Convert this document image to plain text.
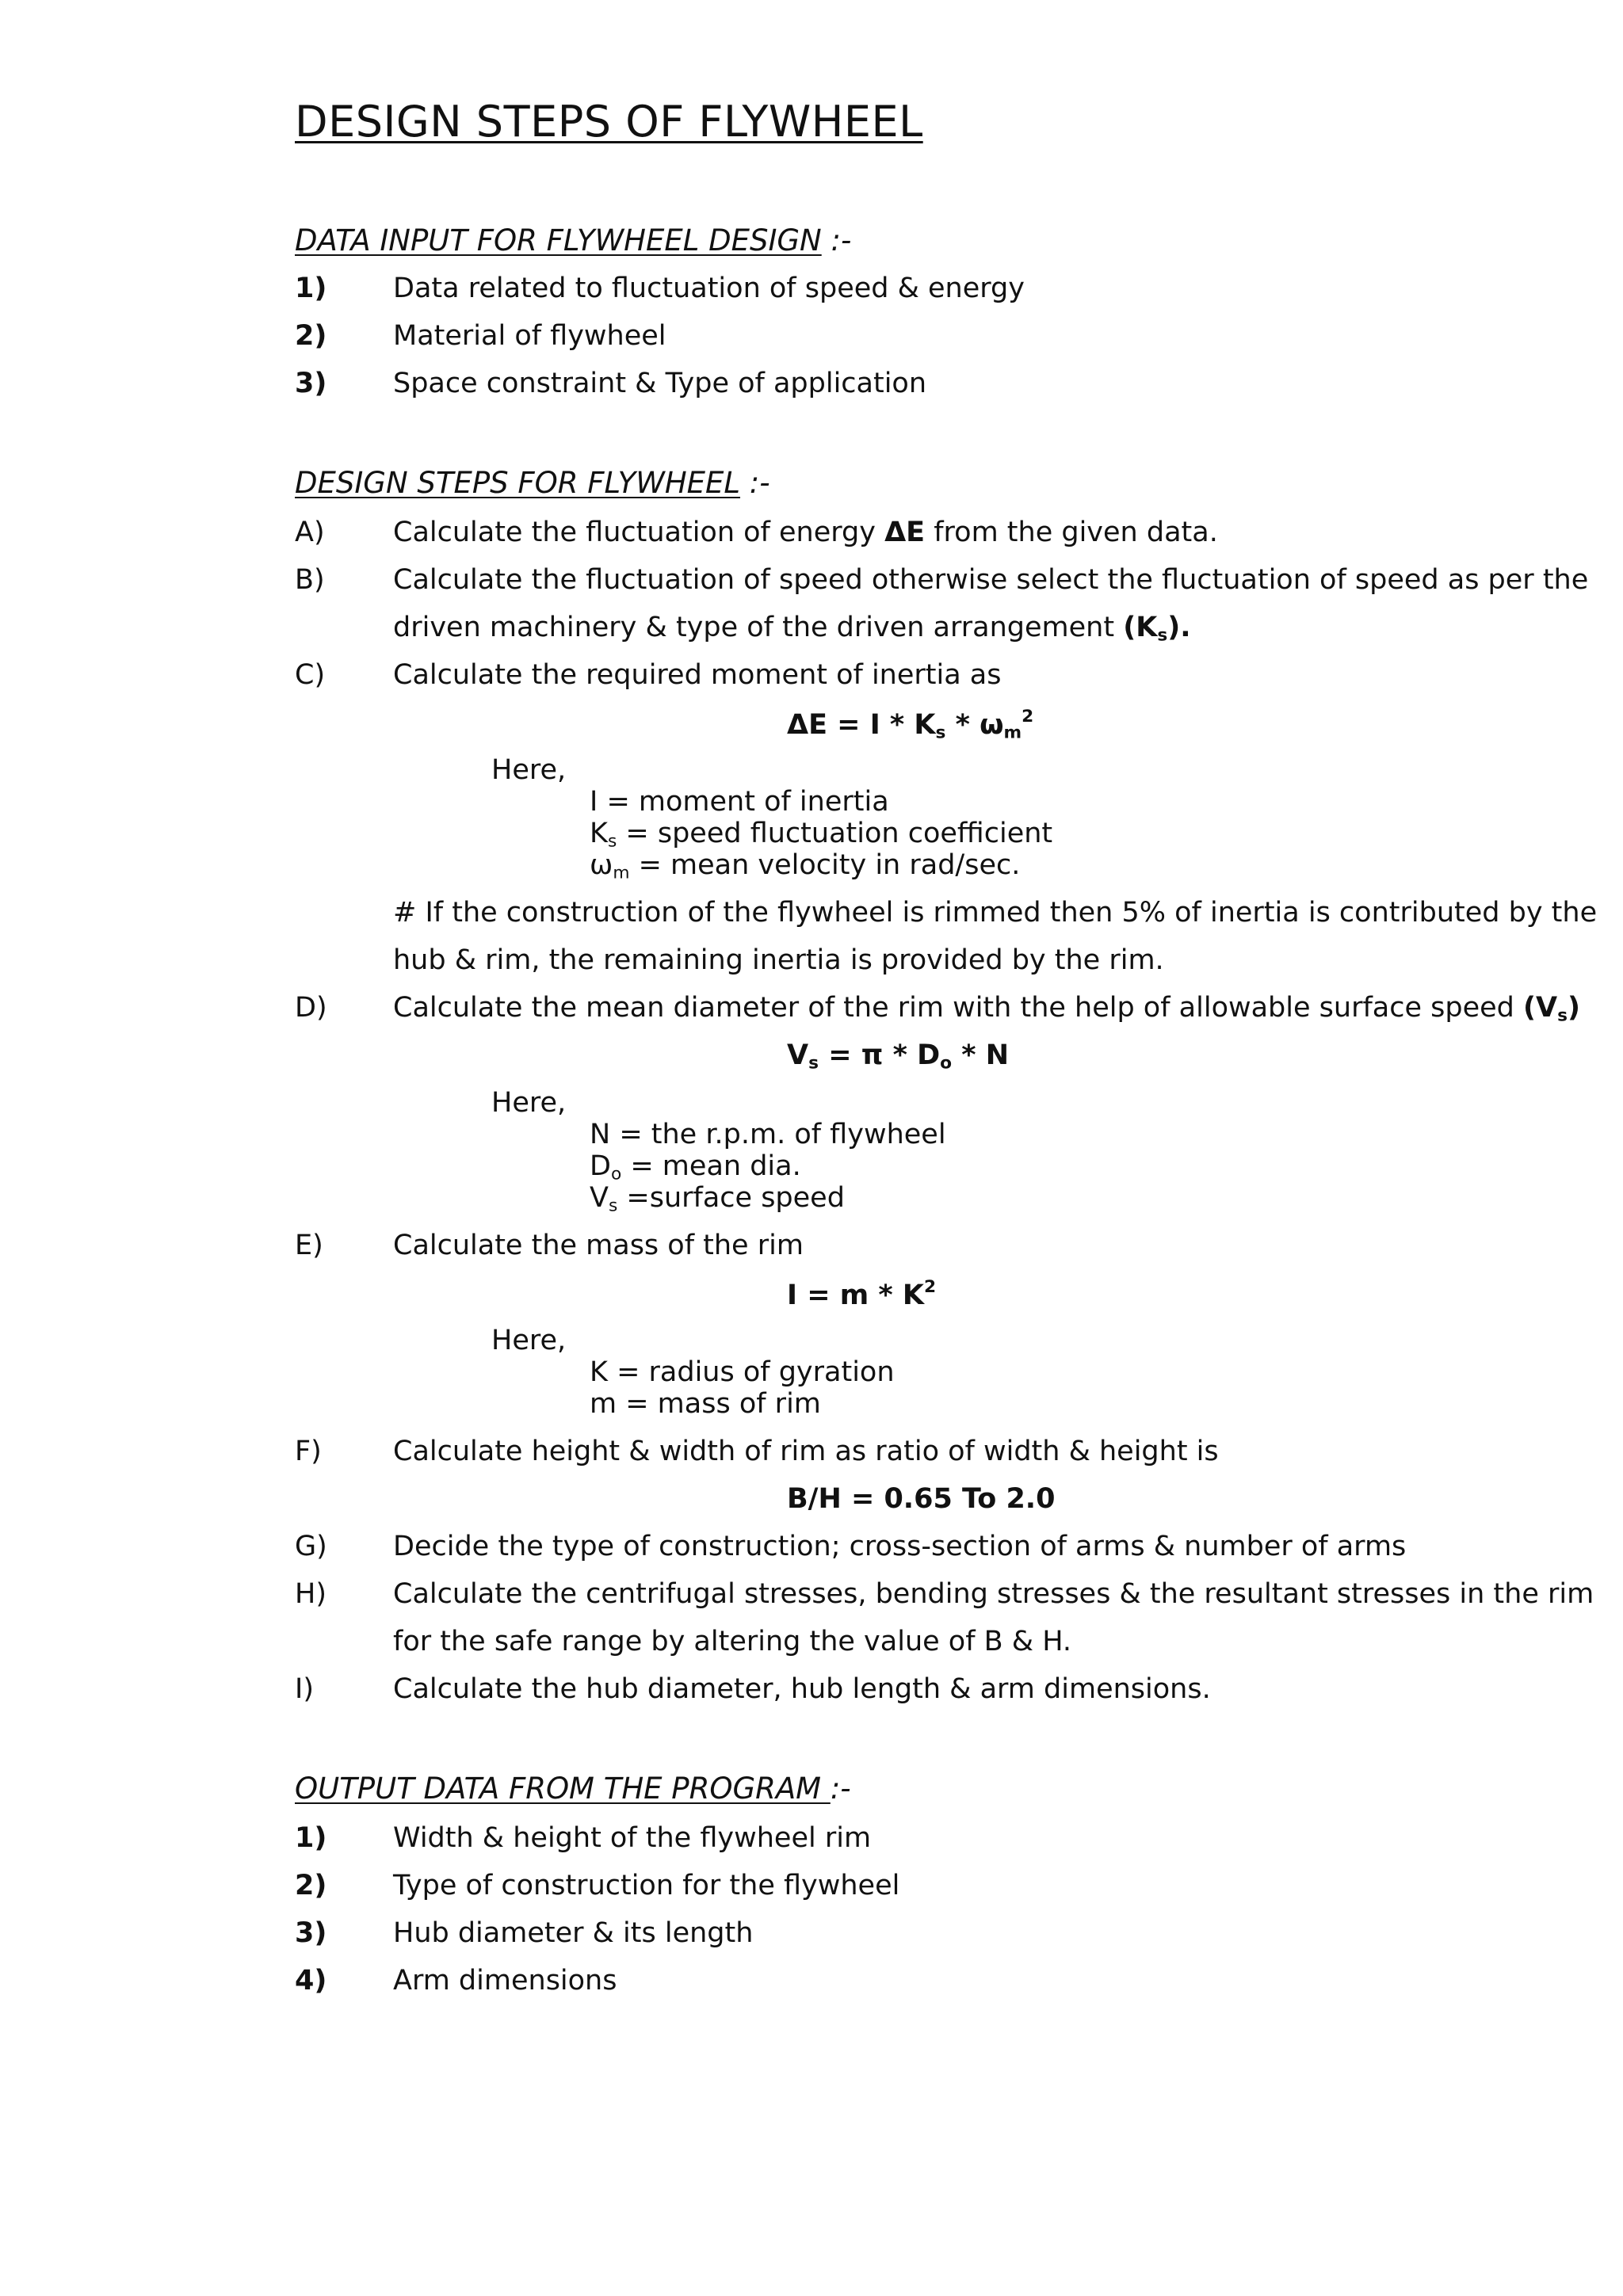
DESIGN STEPS OF FLYWHEEL
DATA INPUT FOR FLYWHEEL DESIGN :-
1) Data related to fluctuation of speed & energy
2) Material of flywheel
3) Space constraint & Type of application
DESIGN STEPS FOR FLYWHEEL :-
A) Calculate the fluctuation of energy ΔE from the given data.
B) Calculate the fluctuation of speed otherwise select the fluctuation of speed as per the
driven machinery & type of the driven arrangement $(K_s)$.
C) Calculate the required moment of inertia as
$\Delta E = I * K_s * \omega_m^2$
Here,
I = moment of inertia
$K_s$ = speed fluctuation coefficient
$\omega_m$ = mean velocity in rad/sec.
# If the construction of the flywheel is rimmed then 5% of inertia is contributed by the
hub & rim, the remaining inertia is provided by the rim.
D) Calculate the mean diameter of the rim with the help of allowable surface speed $(V_s)$
$V_s = \pi * D_o * N$
Here,
N = the r.p.m. of flywheel
$D_o$ = mean dia.
$V_s$ =surface speed
E)	Calculate the mass of the rim
$I = m * K^2$
Here,
K = radius of gyration
m = mass of rim
F)	Calculate height & width of rim as ratio of width & height is
B/H = 0.65 To 2.0
G) Decide the type of construction; cross-section of arms & number of arms
H) Calculate the centrifugal stresses, bending stresses & the resultant stresses in the rim
for the safe range by altering the value of B & H.
I)	Calculate the hub diameter, hub length & arm dimensions.
OUTPUT DATA FROM THE PROGRAM :-
1) Width & height of the flywheel rim
2) Type of construction for the flywheel
3) Hub diameter & its length
4) Arm dimensions
